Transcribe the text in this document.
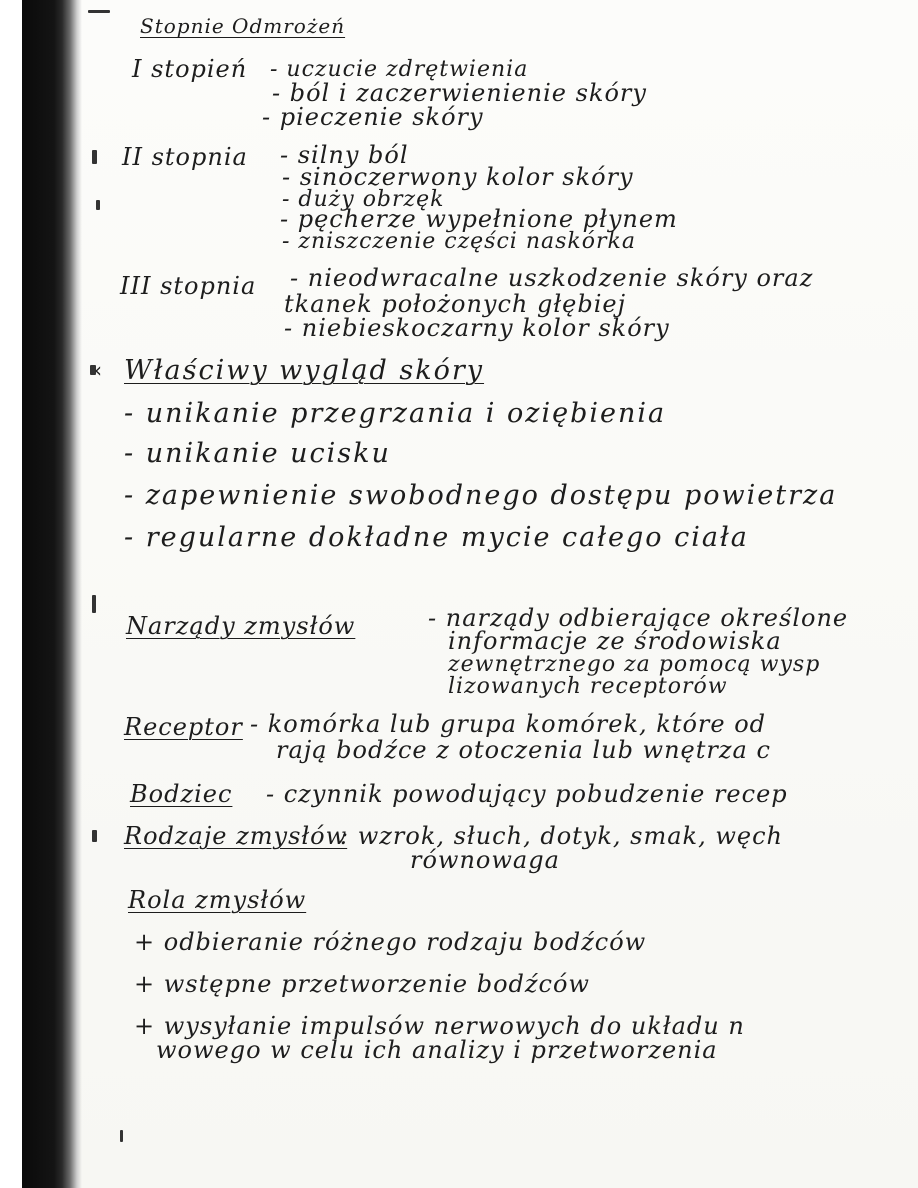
Stopnie Odmrożeń
I stopień - uczucie zdrętwienia
- ból i zaczerwienienie skóry
- pieczenie skóry
II stopnia - silny ból
- sinoczerwony kolor skóry
- duży obrzęk
- pęcherze wypełnione płynem
- zniszczenie części naskórka
III stopnia - nieodwracalne uszkodzenie skóry oraz
tkanek położonych głębiej
- niebieskoczarny kolor skóry
‹ Właściwy wygląd skóry
- unikanie przegrzania i oziębienia
- unikanie ucisku
- zapewnienie swobodnego dostępu powietrza
- regularne dokładne mycie całego ciała
Narządy zmysłów	- narządy odbierające określone
informacje ze środowiska
zewnętrznego za pomocą wysp
lizowanych receptorów
Receptor - komórka lub grupa komórek, które od
rają bodźce z otoczenia lub wnętrza c
Bodziec - czynnik powodujący pobudzenie recep
Rodzaje zmysłów
: wzrok, słuch, dotyk, smak, węch
równowaga
Rola zmysłów
+ odbieranie różnego rodzaju bodźców
+ wstępne przetworzenie bodźców
+ wysyłanie impulsów nerwowych do układu n
wowego w celu ich analizy i przetworzenia
